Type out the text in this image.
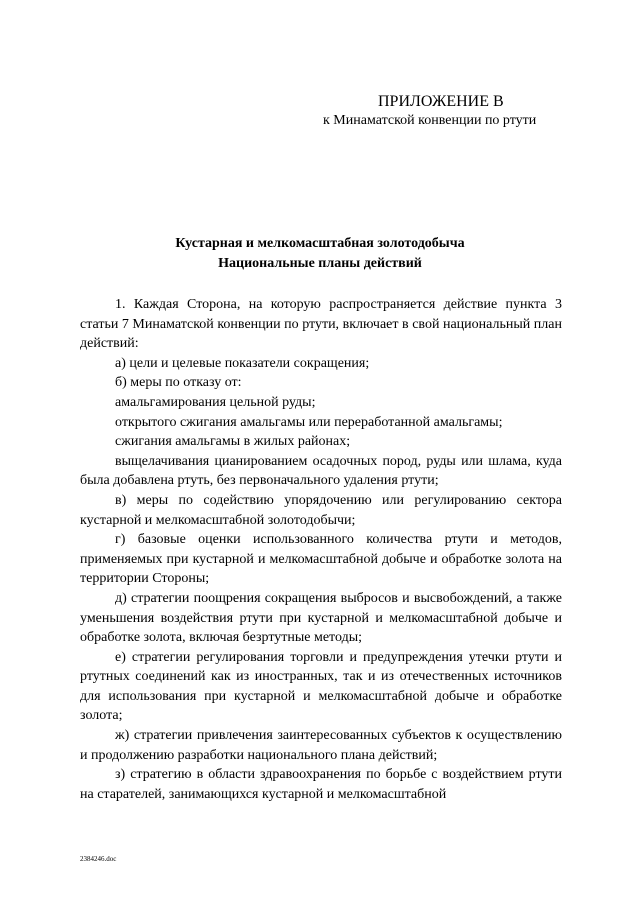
ПРИЛОЖЕНИЕ В
к Минаматской конвенции по ртути
Кустарная и мелкомасштабная золотодобыча
Национальные планы действий

1. Каждая Сторона, на которую распространяется действие пункта 3 статьи 7 Минаматской конвенции по ртути, включает в свой национальный план действий:

а) цели и целевые показатели сокращения;

б) меры по отказу от:

амальгамирования цельной руды;

открытого сжигания амальгамы или переработанной амальгамы;

сжигания амальгамы в жилых районах;

выщелачивания цианированием осадочных пород, руды или шлама, куда была добавлена ртуть, без первоначального удаления ртути;

в) меры по содействию упорядочению или регулированию сектора кустарной и мелкомасштабной золотодобычи;

г) базовые оценки использованного количества ртути и методов, применяемых при кустарной и мелкомасштабной добыче и обработке золота на территории Стороны;

д) стратегии поощрения сокращения выбросов и высвобождений, а также уменьшения воздействия ртути при кустарной и мелкомасштабной добыче и обработке золота, включая безртутные методы;

е) стратегии регулирования торговли и предупреждения утечки ртути и ртутных соединений как из иностранных, так и из отечественных источников для использования при кустарной и мелкомасштабной добыче и обработке золота;

ж) стратегии привлечения заинтересованных субъектов к осуществлению и продолжению разработки национального плана действий;

з) стратегию в области здравоохранения по борьбе с воздействием ртути на старателей, занимающихся кустарной и мелкомасштабной

2384246.doc
